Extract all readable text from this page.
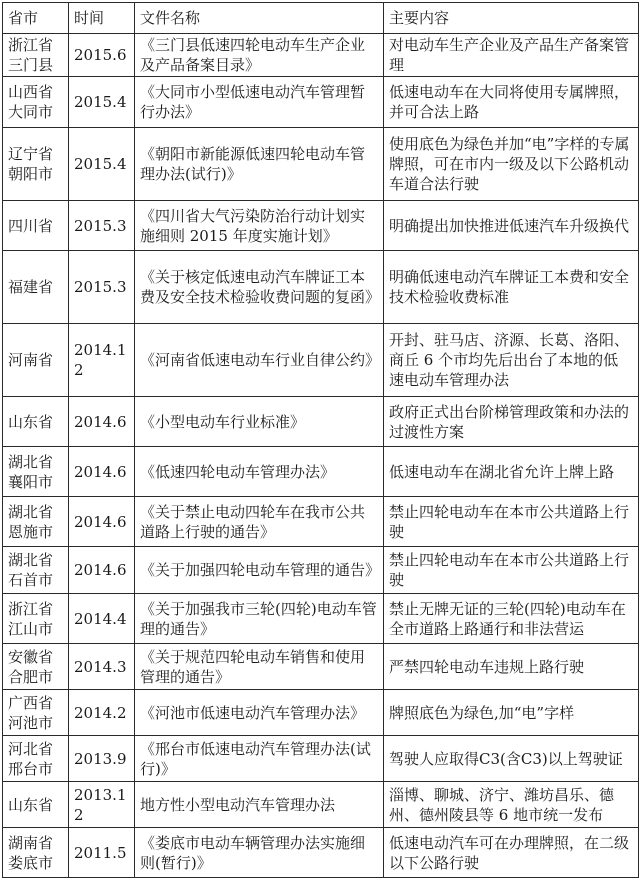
省市	时间	文件名称	主要内容
浙江省三门县	2015.6	《三门县低速四轮电动车生产企业及产品备案目录》	对电动车生产企业及产品生产备案管理
山西省大同市	2015.4	《大同市小型低速电动汽车管理暂行办法》	低速电动车在大同将使用专属牌照，并可合法上路
辽宁省朝阳市	2015.4	《朝阳市新能源低速四轮电动车管理办法(试行)》	使用底色为绿色并加“电”字样的专属牌照，可在市内一级及以下公路机动车道合法行驶
四川省	2015.3	《四川省大气污染防治行动计划实施细则 2015 年度实施计划》	明确提出加快推进低速汽车升级换代
福建省	2015.3	《关于核定低速电动汽车牌证工本费及安全技术检验收费问题的复函》	明确低速电动汽车牌证工本费和安全技术检验收费标准
河南省	2014.12	《河南省低速电动车行业自律公约》	开封、驻马店、济源、长葛、洛阳、商丘 6 个市均先后出台了本地的低速电动车管理办法
山东省	2014.6	《小型电动车行业标准》	政府正式出台阶梯管理政策和办法的过渡性方案
湖北省襄阳市	2014.6	《低速四轮电动车管理办法》	低速电动车在湖北省允许上牌上路
湖北省恩施市	2014.6	《关于禁止电动四轮车在我市公共道路上行驶的通告》	禁止四轮电动车在本市公共道路上行驶
湖北省石首市	2014.6	《关于加强四轮电动车管理的通告》	禁止四轮电动车在本市公共道路上行驶
浙江省江山市	2014.4	《关于加强我市三轮(四轮)电动车管理的通告》	禁止无牌无证的三轮(四轮)电动车在全市道路上路通行和非法营运
安徽省合肥市	2014.3	《关于规范四轮电动车销售和使用管理的通告》	严禁四轮电动车违规上路行驶
广西省河池市	2014.2	《河池市低速电动汽车管理办法》	牌照底色为绿色,加“电”字样
河北省邢台市	2013.9	《邢台市低速电动汽车管理办法(试行)》	驾驶人应取得C3(含C3)以上驾驶证
山东省	2013.12	地方性小型电动汽车管理办法	淄博、聊城、济宁、潍坊昌乐、德州、德州陵县等 6 地市统一发布
湖南省娄底市	2011.5	《娄底市电动车辆管理办法实施细则(暂行)》	低速电动汽车可在办理牌照，在二级以下公路行驶
